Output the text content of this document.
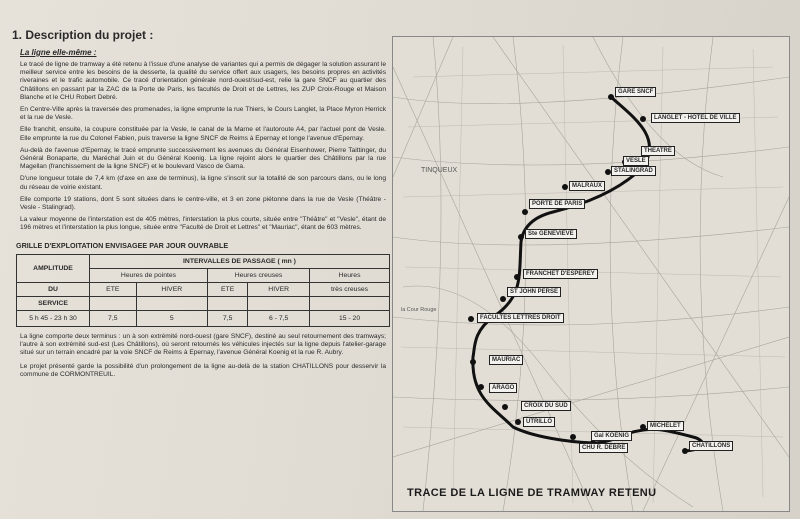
1. Description du projet :
La ligne elle-même :

Le tracé de ligne de tramway a été retenu à l'issue d'une analyse de variantes qui a permis de dégager la solution assurant le meilleur service entre les besoins de la desserte, la qualité du service offert aux usagers, les besoins propres en activités riveraines et le trafic automobile. Ce tracé d'orientation générale nord-ouest/sud-est, relie la gare SNCF au quartier des Châtillons en passant par la ZAC de la Porte de Paris, les facultés de Droit et de Lettres, les ZUP Croix-Rouge et Maison Blanche et le CHU Robert Debré.

En Centre-Ville après la traversée des promenades, la ligne emprunte la rue Thiers, le Cours Langlet, la Place Myron Herrick et la rue de Vesle.

Elle franchit, ensuite, la coupure constituée par la Vesle, le canal de la Marne et l'autoroute A4, par l'actuel pont de Vesle. Elle emprunte la rue du Colonel Fabien, puis traverse la ligne SNCF de Reims à Epernay et longe l'avenue d'Epernay.

Au-delà de l'avenue d'Epernay, le tracé emprunte successivement les avenues du Général Eisenhower, Pierre Taittinger, du Général Bonaparte, du Maréchal Juin et du Général Koenig. La ligne rejoint alors le quartier des Châtillons par la rue Magellan (franchissement de la ligne SNCF) et le boulevard Vasco de Gama.

D'une longueur totale de 7,4 km (d'axe en axe de terminus), la ligne s'inscrit sur la totalité de son parcours dans, ou le long du réseau de voirie existant.

Elle comporte 19 stations, dont 5 sont situées dans le centre-ville, et 3 en zone piétonne dans la rue de Vesle (Théâtre - Vesle - Stalingrad).

La valeur moyenne de l'interstation est de 405 mètres, l'interstation la plus courte, située entre "Théâtre" et "Vesle", étant de 196 mètres et l'interstation la plus longue, située entre "Faculté de Droit et Lettres" et "Mauriac", étant de 603 mètres.

GRILLE D'EXPLOITATION ENVISAGEE PAR JOUR OUVRABLE
AMPLITUDE	INTERVALLES DE PASSAGE ( mn )				
	Heures de pointes		Heures creuses		Heures
DU	ETE	HIVER	ETE	HIVER	très creuses
SERVICE					
5 h 45 - 23 h 30	7,5	5	7,5	6 - 7,5	15 - 20

La ligne comporte deux terminus : un à son extrémité nord-ouest (gare SNCF), destiné au seul retournement des tramways; l'autre à son extrémité sud-est (Les Châtillons), où seront retournés les véhicules injectés sur la ligne depuis l'atelier-garage situé sur un terrain encadré par la voie SNCF de Reims à Epernay, l'avenue Général Koenig et la rue R. Aubry.

Le projet présenté garde la possibilité d'un prolongement de la ligne au-delà de la station CHATILLONS pour desservir la commune de CORMONTREUIL.

TINQUEUX
la Cour Rouge
GARE SNCF
LANGLET - HOTEL DE VILLE
THEATRE
VESLE
STALINGRAD
MALRAUX
PORTE DE PARIS
Ste GENEVIEVE
FRANCHET D'ESPEREY
ST JOHN PERSE
FACULTES LETTRES DROIT
MAURIAC
ARAGO
CROIX DU SUD
UTRILLO
Gal KOENIG
CHU R. DEBRE
MICHELET
CHATILLONS
TRACE DE LA LIGNE DE TRAMWAY RETENU
